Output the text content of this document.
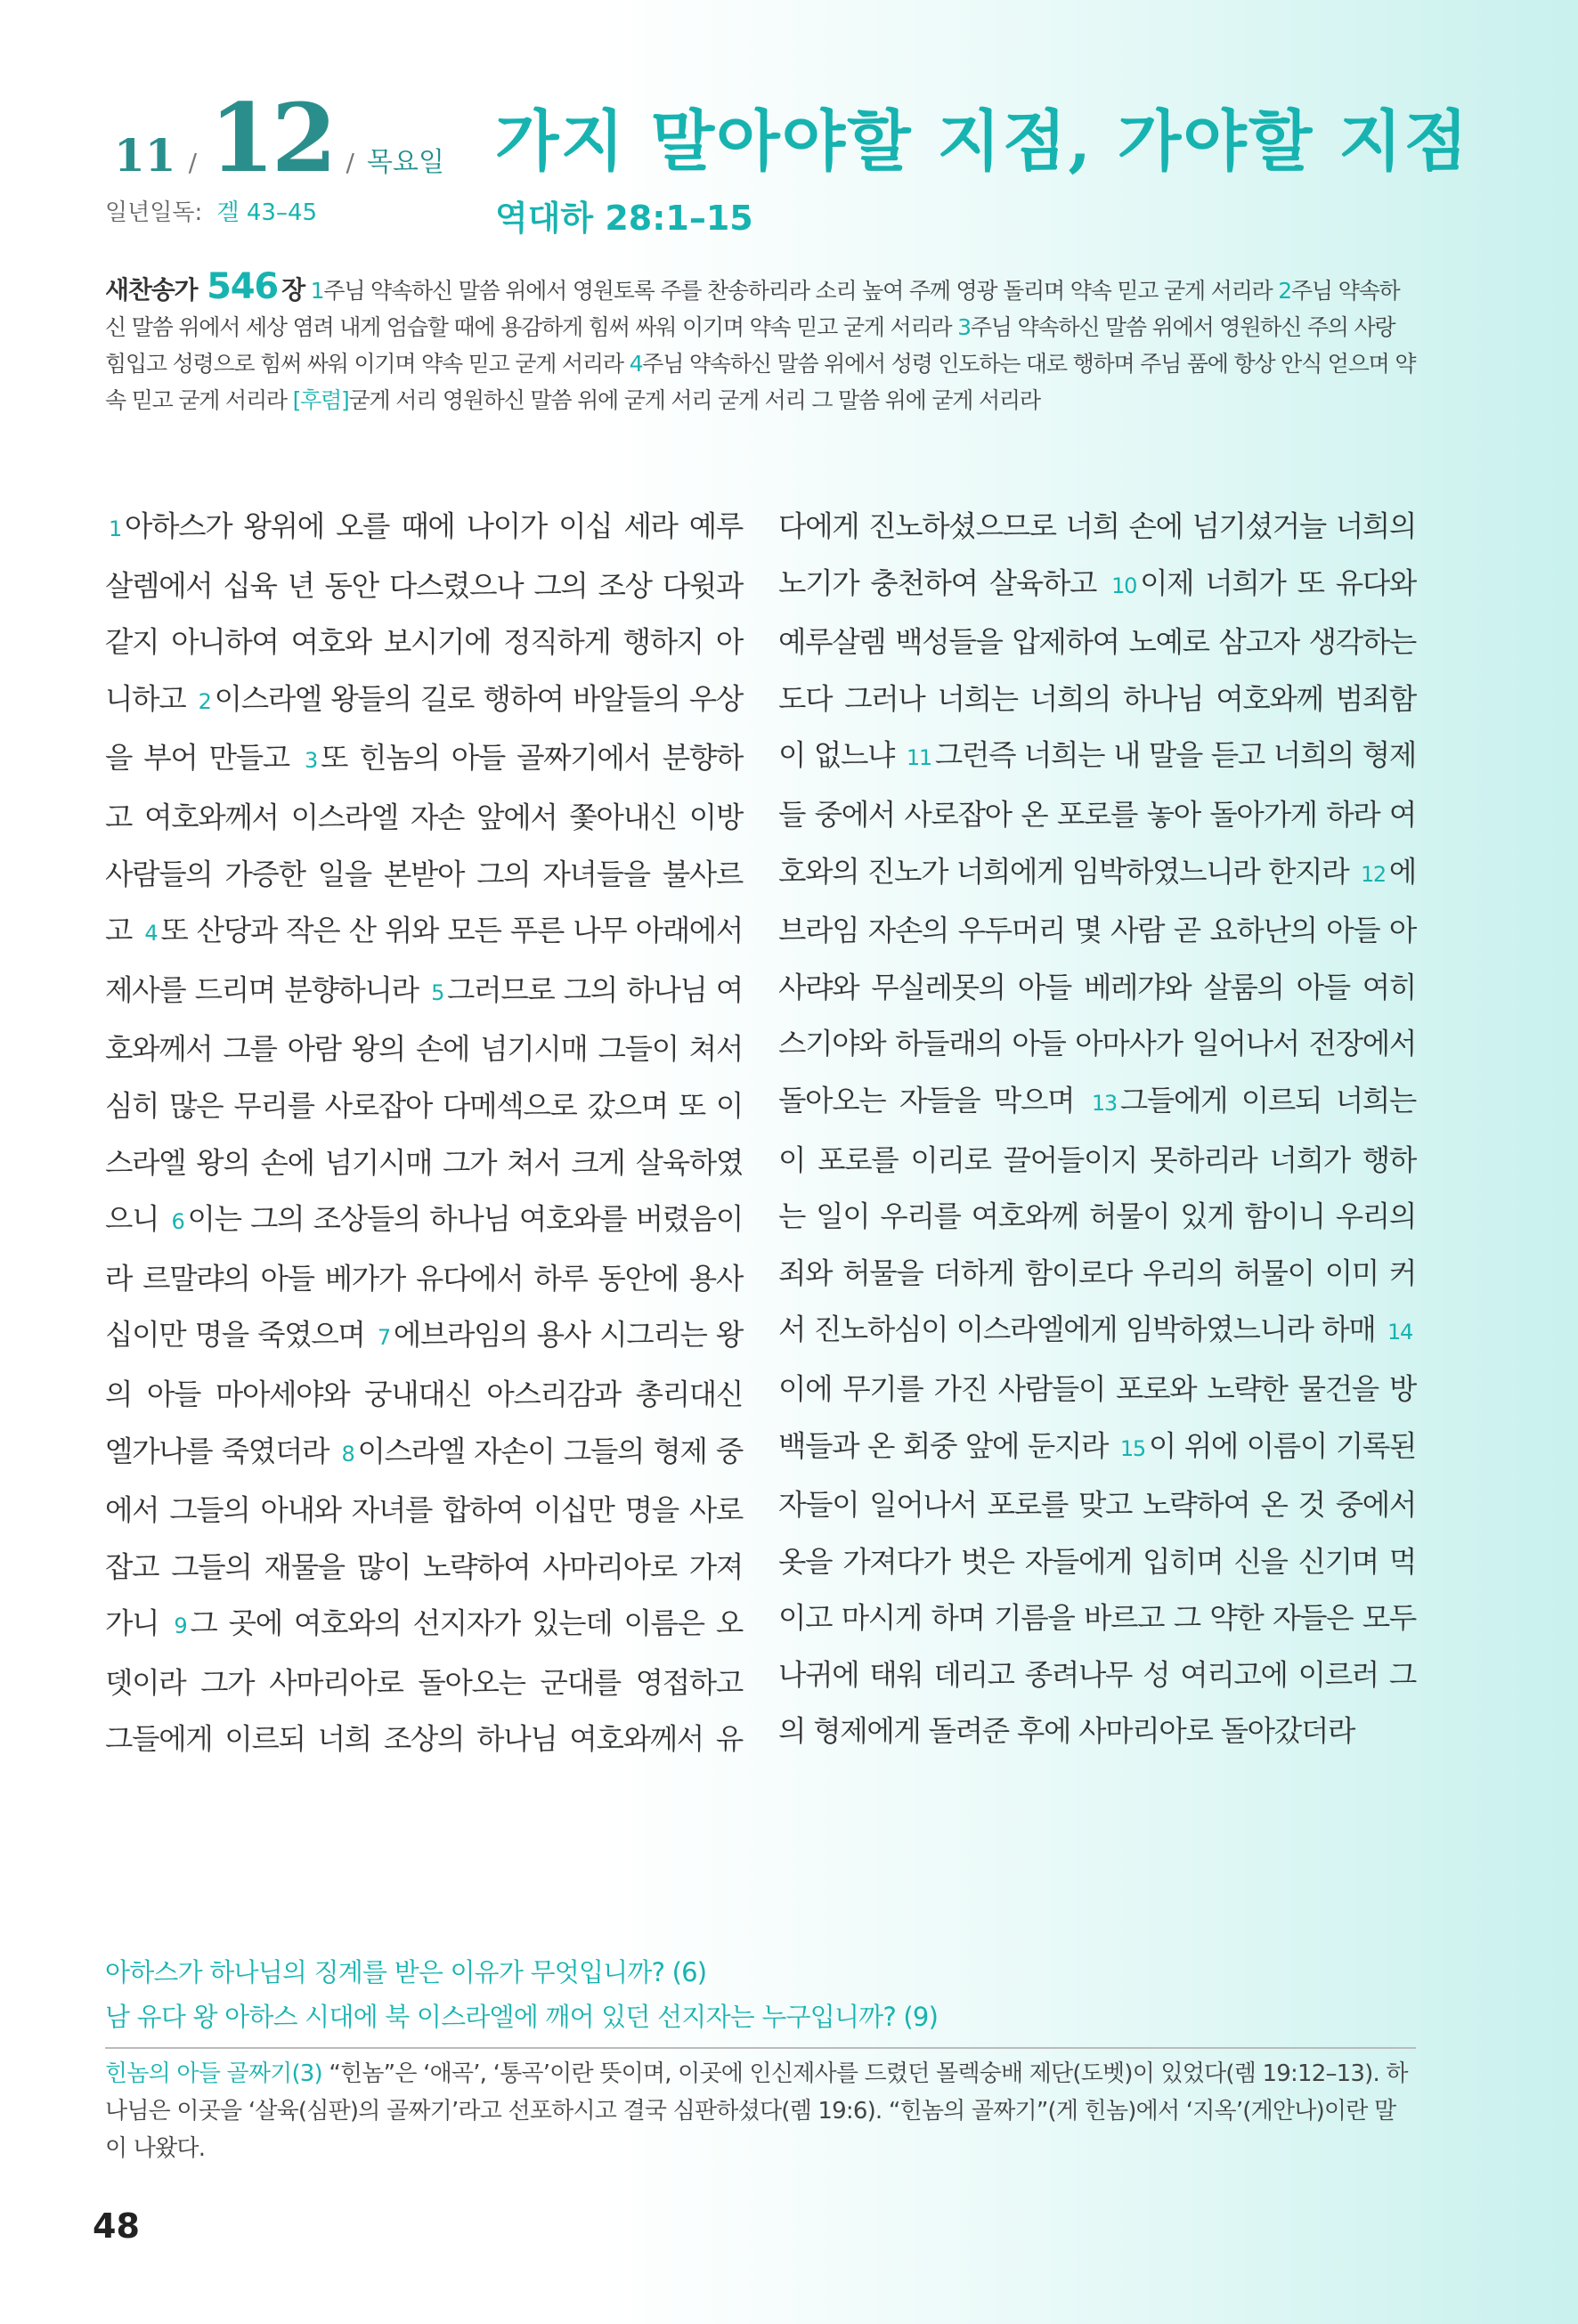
11 / 12 / 목요일
일년일독: 겔 43–45
가지 말아야할 지점, 가야할 지점
역대하 28:1–15
새찬송가 546 장 1주님 약속하신 말씀 위에서 영원토록 주를 찬송하리라 소리 높여 주께 영광 돌리며 약속 믿고 굳게 서리라 2주님 약속하신 말씀 위에서 세상 염려 내게 엄습할 때에 용감하게 힘써 싸워 이기며 약속 믿고 굳게 서리라 3주님 약속하신 말씀 위에서 영원하신 주의 사랑 힘입고 성령으로 힘써 싸워 이기며 약속 믿고 굳게 서리라 4주님 약속하신 말씀 위에서 성령 인도하는 대로 행하며 주님 품에 항상 안식 얻으며 약속 믿고 굳게 서리라 [후렴]굳게 서리 영원하신 말씀 위에 굳게 서리 굳게 서리 그 말씀 위에 굳게 서리라
1 아하스가 왕위에 오를 때에 나이가 이십 세라 예루살렘에서 십육 년 동안 다스렸으나 그의 조상 다윗과 같지 아니하여 여호와 보시기에 정직하게 행하지 아니하고 2 이스라엘 왕들의 길로 행하여 바알들의 우상을 부어 만들고 3 또 힌놈의 아들 골짜기에서 분향하고 여호와께서 이스라엘 자손 앞에서 쫓아내신 이방 사람들의 가증한 일을 본받아 그의 자녀들을 불사르고 4 또 산당과 작은 산 위와 모든 푸른 나무 아래에서 제사를 드리며 분향하니라 5 그러므로 그의 하나님 여호와께서 그를 아람 왕의 손에 넘기시매 그들이 쳐서 심히 많은 무리를 사로잡아 다메섹으로 갔으며 또 이스라엘 왕의 손에 넘기시매 그가 쳐서 크게 살육하였으니 6 이는 그의 조상들의 하나님 여호와를 버렸음이라 르말랴의 아들 베가가 유다에서 하루 동안에 용사 십이만 명을 죽였으며 7 에브라임의 용사 시그리는 왕의 아들 마아세야와 궁내대신 아스리감과 총리대신 엘가나를 죽였더라 8 이스라엘 자손이 그들의 형제 중에서 그들의 아내와 자녀를 합하여 이십만 명을 사로잡고 그들의 재물을 많이 노략하여 사마리아로 가져가니 9 그 곳에 여호와의 선지자가 있는데 이름은 오뎃이라 그가 사마리아로 돌아오는 군대를 영접하고 그들에게 이르되 너희 조상의 하나님 여호와께서 유다에게 진노하셨으므로 너희 손에 넘기셨거늘 너희의 노기가 충천하여 살육하고 10 이제 너희가 또 유다와 예루살렘 백성들을 압제하여 노예로 삼고자 생각하는도다 그러나 너희는 너희의 하나님 여호와께 범죄함이 없느냐 11 그런즉 너희는 내 말을 듣고 너희의 형제들 중에서 사로잡아 온 포로를 놓아 돌아가게 하라 여호와의 진노가 너희에게 임박하였느니라 한지라 12 에브라임 자손의 우두머리 몇 사람 곧 요하난의 아들 아사랴와 무실레못의 아들 베레갸와 살룸의 아들 여히스기야와 하들래의 아들 아마사가 일어나서 전장에서 돌아오는 자들을 막으며 13 그들에게 이르되 너희는 이 포로를 이리로 끌어들이지 못하리라 너희가 행하는 일이 우리를 여호와께 허물이 있게 함이니 우리의 죄와 허물을 더하게 함이로다 우리의 허물이 이미 커서 진노하심이 이스라엘에게 임박하였느니라 하매 14이에 무기를 가진 사람들이 포로와 노략한 물건을 방백들과 온 회중 앞에 둔지라 15 이 위에 이름이 기록된 자들이 일어나서 포로를 맞고 노략하여 온 것 중에서 옷을 가져다가 벗은 자들에게 입히며 신을 신기며 먹이고 마시게 하며 기름을 바르고 그 약한 자들은 모두 나귀에 태워 데리고 종려나무 성 여리고에 이르러 그의 형제에게 돌려준 후에 사마리아로 돌아갔더라
아하스가 하나님의 징계를 받은 이유가 무엇입니까? (6)
남 유다 왕 아하스 시대에 북 이스라엘에 깨어 있던 선지자는 누구입니까? (9)
힌놈의 아들 골짜기(3) “힌놈”은 ‘애곡’, ‘통곡’이란 뜻이며, 이곳에 인신제사를 드렸던 몰렉숭배 제단(도벳)이 있었다(렘 19:12–13). 하나님은 이곳을 ‘살육(심판)의 골짜기’라고 선포하시고 결국 심판하셨다(렘 19:6). “힌놈의 골짜기”(게 힌놈)에서 ‘지옥’(게안나)이란 말이 나왔다.
48
